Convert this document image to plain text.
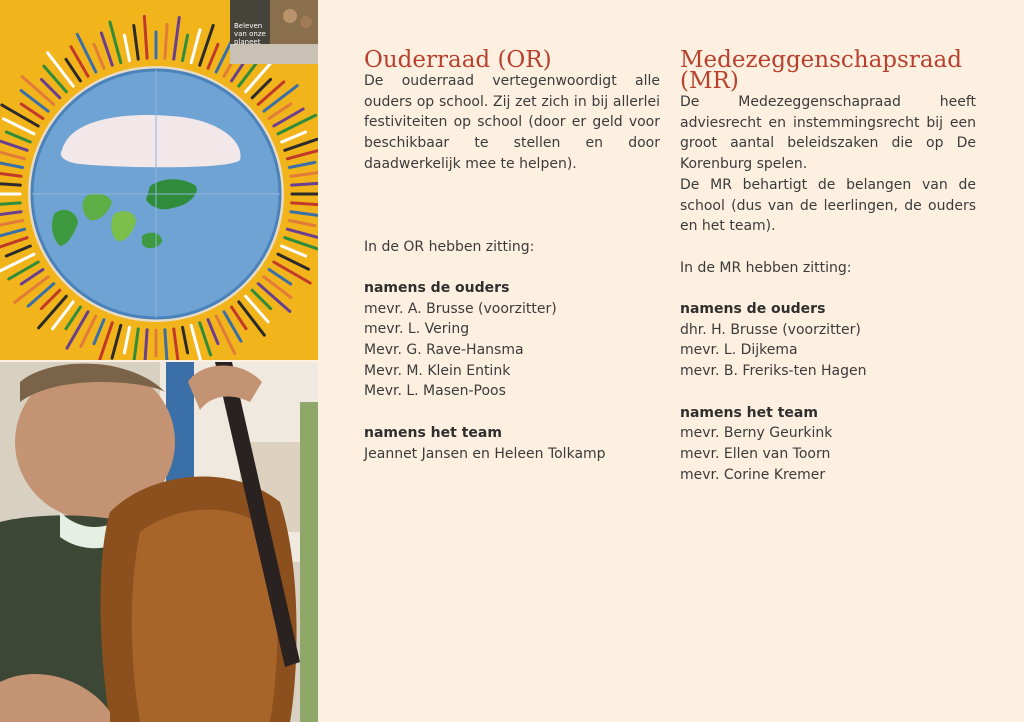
Beleven
van onze
planeet
Ouderraad (OR)

De ouderraad vertegenwoordigt alle ouders op school. Zij zet zich in bij allerlei festiviteiten op school (door er geld voor beschikbaar te stellen en door daadwerkelijk mee te helpen).

In de OR hebben zitting:
namens de ouders
mevr. A. Brusse (voorzitter)
mevr. L. Vering
Mevr. G. Rave-Hansma
Mevr. M. Klein Entink
Mevr. L. Masen-Poos
namens het team
Jeannet Jansen en Heleen Tolkamp
Medezeggenschapsraad (MR)

De Medezeggenschapraad heeft adviesrecht en instemmingsrecht bij een groot aantal beleidszaken die op De Korenburg spelen.

De MR behartigt de belangen van de school (dus van de leerlingen, de ouders en het team).

In de MR hebben zitting:
namens de ouders
dhr. H. Brusse (voorzitter)
mevr. L. Dijkema
mevr. B. Freriks-ten Hagen
namens het team
mevr. Berny Geurkink
mevr. Ellen van Toorn
mevr. Corine Kremer
